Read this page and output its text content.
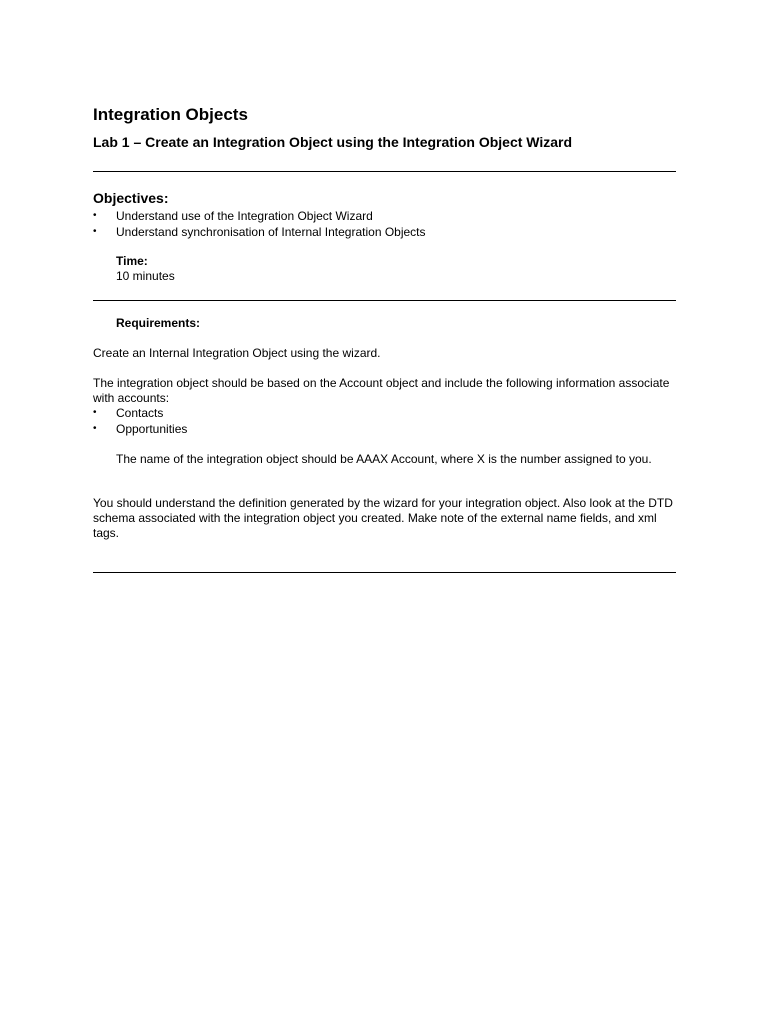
Integration Objects
Lab 1 – Create an Integration Object using the Integration Object Wizard
Objectives:
• Understand use of the Integration Object Wizard
• Understand synchronisation of Internal Integration Objects
Time:
10 minutes
Requirements:
Create an Internal Integration Object using the wizard.
The integration object should be based on the Account object and include the following information associate with accounts:
• Contacts
• Opportunities
The name of the integration object should be AAAX Account, where X is the number assigned to you.
You should understand the definition generated by the wizard for your integration object. Also look at the DTD schema associated with the integration object you created. Make note of the external name fields, and xml tags.
